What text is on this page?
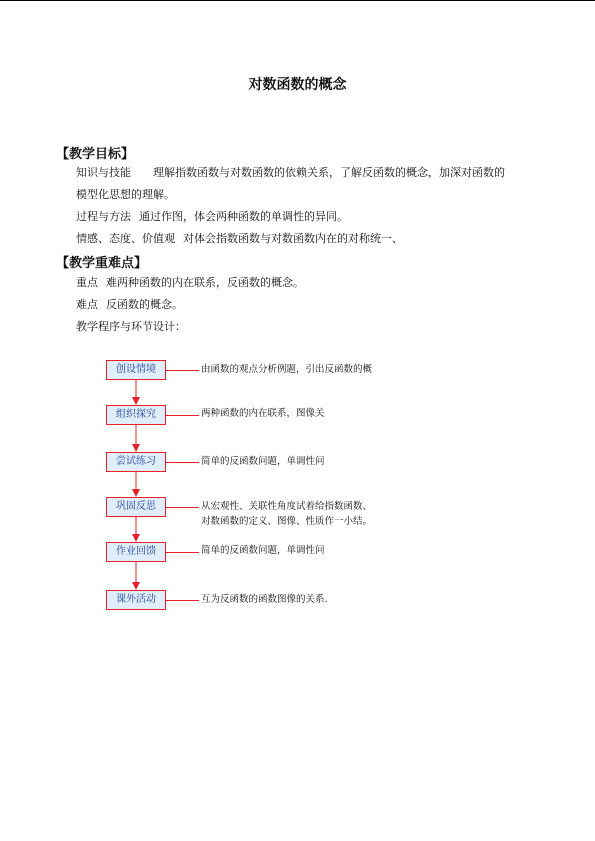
对数函数的概念
【教学目标】
知识与技能 理解指数函数与对数函数的依赖关系，了解反函数的概念，加深对函数的
模型化思想的理解。
过程与方法 通过作图，体会两种函数的单调性的异同。
情感、态度、价值观 对体会指数函数与对数函数内在的对称统一、
【教学重难点】
重点 难两种函数的内在联系，反函数的概念。
难点 反函数的概念。
教学程序与环节设计：
创设情境	由函数的观点分析例题，引出反函数的概
组织探究	两种函数的内在联系，图像关
尝试练习	简单的反函数问题，单调性问
巩固反思	从宏观性、关联性角度试着给指数函数、
对数函数的定义、图像、性质作一小结。
作业回馈	简单的反函数问题，单调性问
课外活动	互为反函数的函数图像的关系.
